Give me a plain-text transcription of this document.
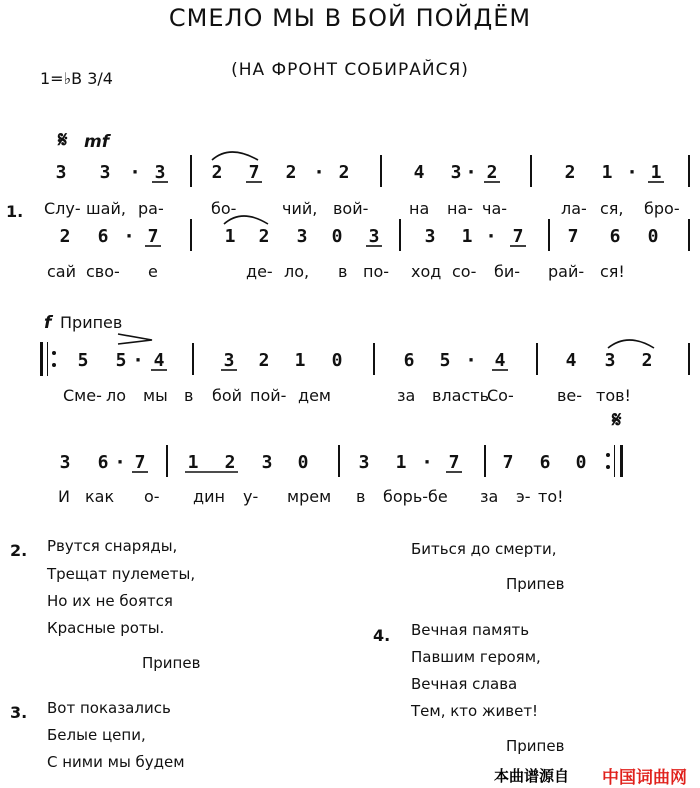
СМЕЛО МЫ В БОЙ ПОЙДЁМ
(НА ФРОНТ СОБИРАЙСЯ)
1=♭B 3/4
𝄋 mf
3 3 · 3	2 7 2 · 2	4 3 · 2	2 1 · 1
1. Слу- шай, ра-	бо-	чий, вой-	на на- ча-	ла- ся, бро-
2 6 · 7	1 2 3 0 3	3 1 · 7 7 6 0
сай сво- е	де- ло, в по- ход со- би- рай- ся!
f Припев
5 5 · 4	3 2 1 0	6 5 · 4	4 3 2
Сме- ло мы в бой пой- дем	за власть
Со-	ве- тов!
𝄋
3 6 · 7 1 2 3 0	3 1 · 7 7 6 0
И как о- дин у- мрем в борь- бе за э- то!
2. Рвутся снаряды,
Трещат пулеметы,
Но их не боятся
Красные роты.
Припев
3. Вот показались
Белые цепи,
С ними мы будем
Биться до смерти,
Припев
4. Вечная память
Павшим героям,
Вечная слава
Тем, кто живет!
Припев
本曲谱源自 中国词曲网
